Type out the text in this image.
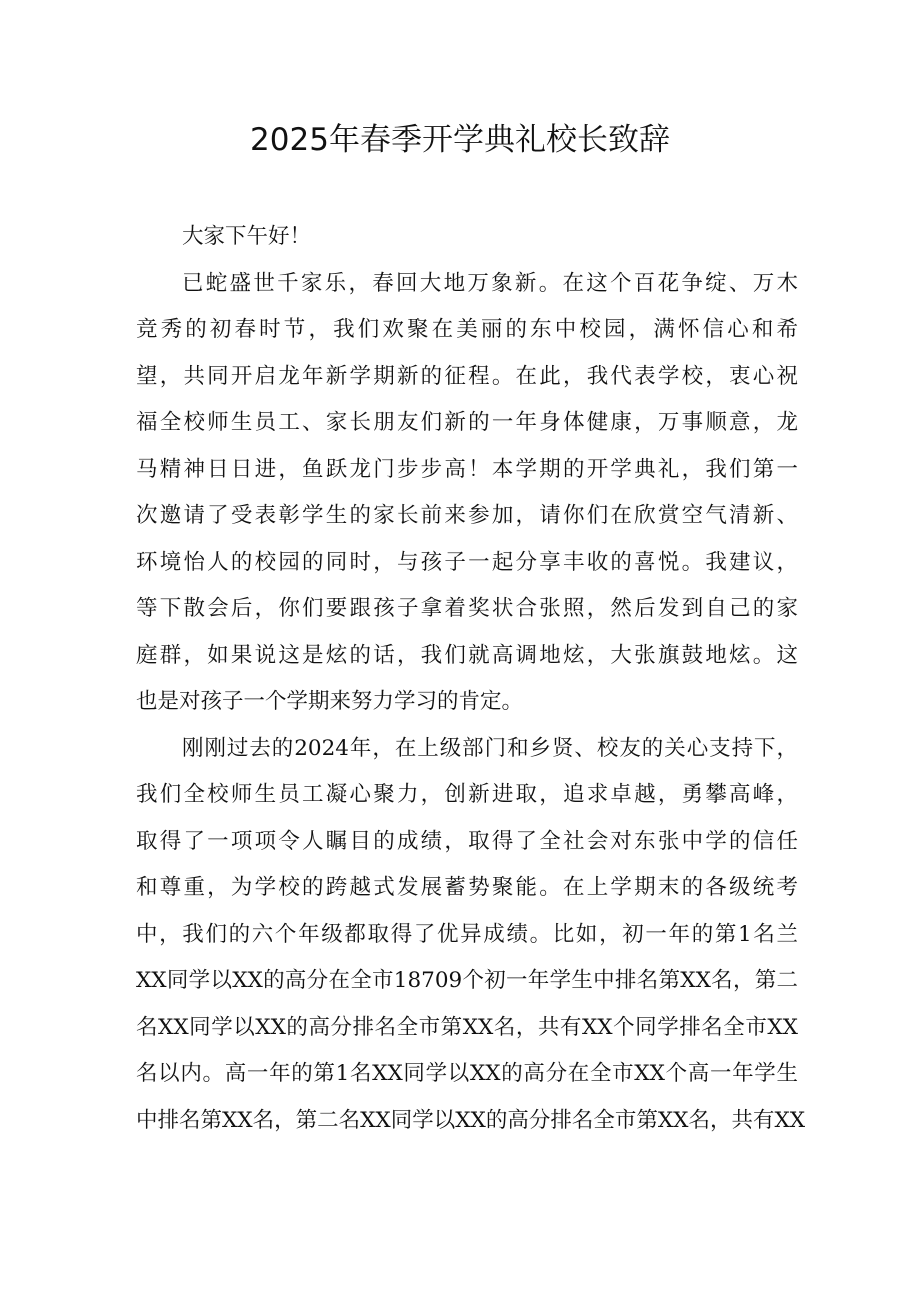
2025年春季开学典礼校长致辞
大家下午好！
已蛇盛世千家乐，春回大地万象新。在这个百花争绽、万木
竞秀的初春时节，我们欢聚在美丽的东中校园，满怀信心和希
望，共同开启龙年新学期新的征程。在此，我代表学校，衷心祝
福全校师生员工、家长朋友们新的一年身体健康，万事顺意，龙
马精神日日进，鱼跃龙门步步高！本学期的开学典礼，我们第一
次邀请了受表彰学生的家长前来参加，请你们在欣赏空气清新、
环境怡人的校园的同时，与孩子一起分享丰收的喜悦。我建议，
等下散会后，你们要跟孩子拿着奖状合张照，然后发到自己的家
庭群，如果说这是炫的话，我们就高调地炫，大张旗鼓地炫。这
也是对孩子一个学期来努力学习的肯定。
刚刚过去的2024年，在上级部门和乡贤、校友的关心支持下，
我们全校师生员工凝心聚力，创新进取，追求卓越，勇攀高峰，
取得了一项项令人瞩目的成绩，取得了全社会对东张中学的信任
和尊重，为学校的跨越式发展蓄势聚能。在上学期末的各级统考
中，我们的六个年级都取得了优异成绩。比如，初一年的第1名兰
XX同学以XX的高分在全市18709个初一年学生中排名第XX名，第二
名XX同学以XX的高分排名全市第XX名，共有XX个同学排名全市XX
名以内。高一年的第1名XX同学以XX的高分在全市XX个高一年学生
中排名第XX名，第二名XX同学以XX的高分排名全市第XX名，共有XX
